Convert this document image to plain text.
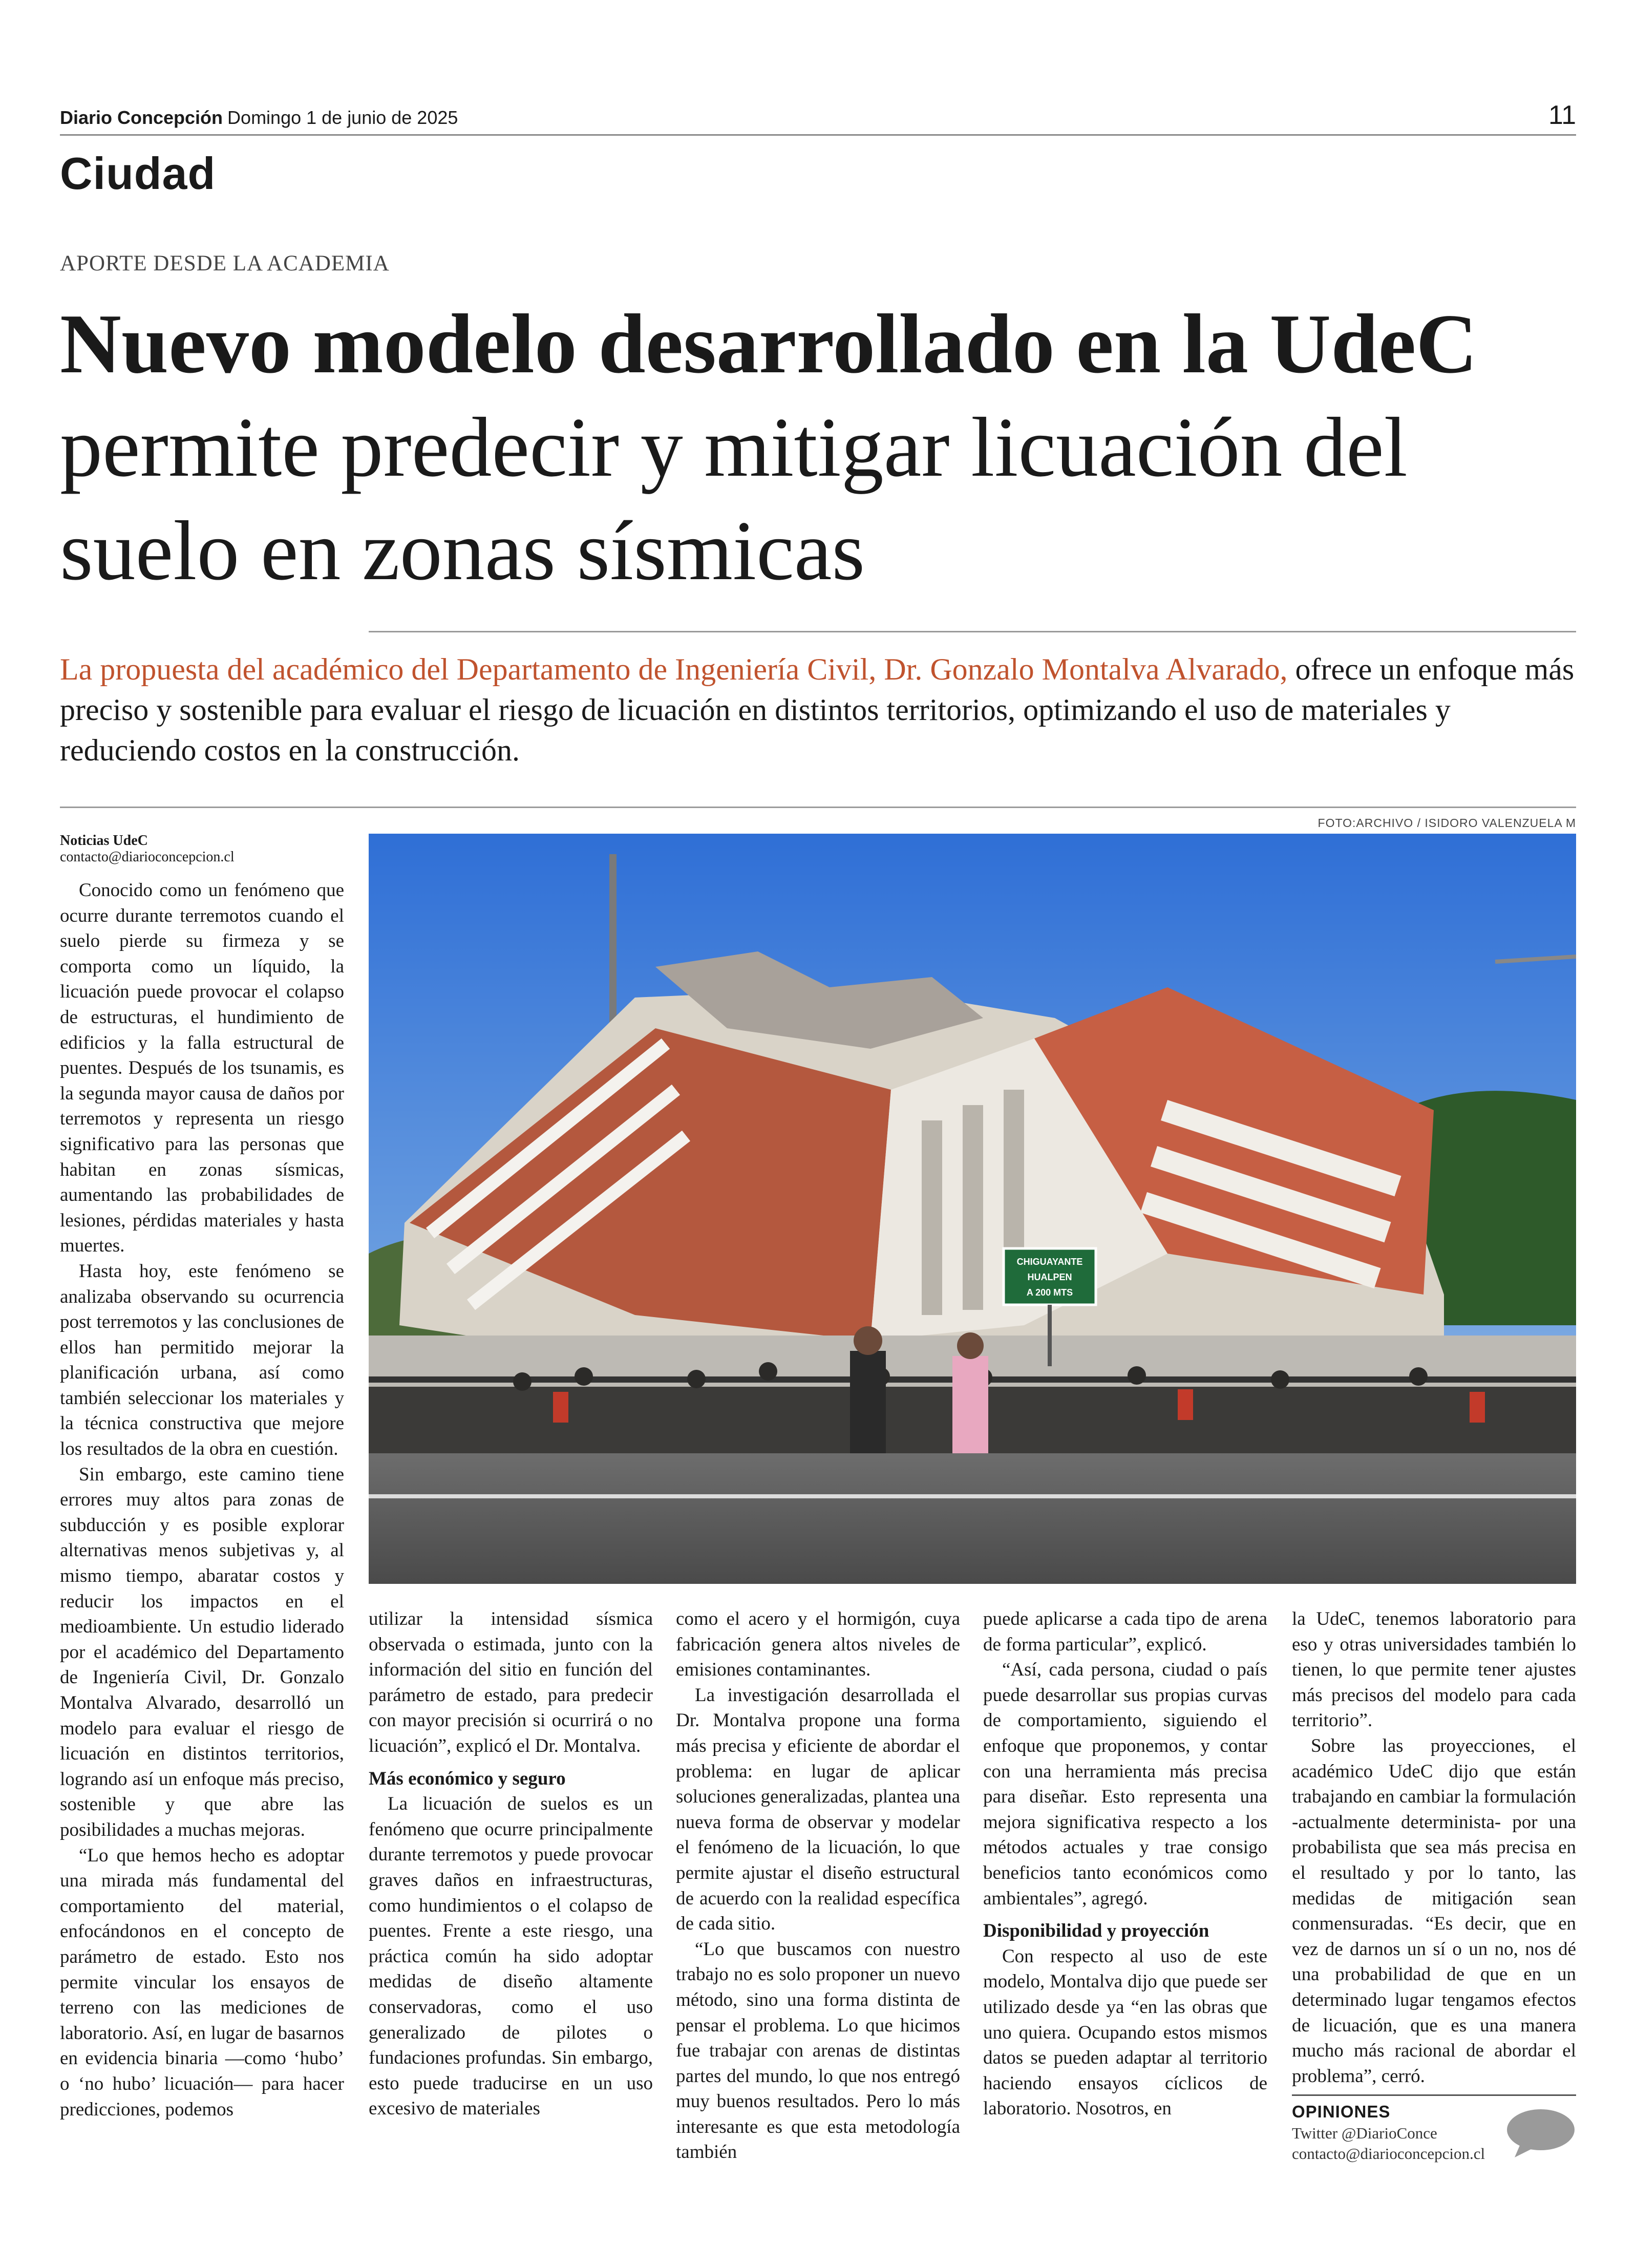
Diario Concepción Domingo 1 de junio de 2025	11
Ciudad
APORTE DESDE LA ACADEMIA
Nuevo modelo desarrollado en la UdeC permite predecir y mitigar licuación del suelo en zonas sísmicas
La propuesta del académico del Departamento de Ingeniería Civil, Dr. Gonzalo Montalva Alvarado, ofrece un enfoque más preciso y sostenible para evaluar el riesgo de licuación en distintos territorios, optimizando el uso de materiales y reduciendo costos en la construcción.
FOTO:ARCHIVO / ISIDORO VALENZUELA M
CHIGUAYANTE
HUALPEN
A 200 MTS
Noticias UdeC
contacto@diarioconcepcion.cl

Conocido como un fenómeno que ocurre durante terremotos cuando el suelo pierde su firmeza y se comporta como un líquido, la licuación puede provocar el colapso de estructuras, el hundimiento de edificios y la falla estructural de puentes. Después de los tsunamis, es la segunda mayor causa de daños por terremotos y representa un riesgo significativo para las personas que habitan en zonas sísmicas, aumentando las probabilidades de lesiones, pérdidas materiales y hasta muertes.

Hasta hoy, este fenómeno se analizaba observando su ocurrencia post terremotos y las conclusiones de ellos han permitido mejorar la planificación urbana, así como también seleccionar los materiales y la técnica constructiva que mejore los resultados de la obra en cuestión.

Sin embargo, este camino tiene errores muy altos para zonas de subducción y es posible explorar alternativas menos subjetivas y, al mismo tiempo, abaratar costos y reducir los impactos en el medioambiente. Un estudio liderado por el académico del Departamento de Ingeniería Civil, Dr. Gonzalo Montalva Alvarado, desarrolló un modelo para evaluar el riesgo de licuación en distintos territorios, logrando así un enfoque más preciso, sostenible y que abre las posibilidades a muchas mejoras.

“Lo que hemos hecho es adoptar una mirada más fundamental del comportamiento del material, enfocándonos en el concepto de parámetro de estado. Esto nos permite vincular los ensayos de terreno con las mediciones de laboratorio. Así, en lugar de basarnos en evidencia binaria —como ‘hubo’ o ‘no hubo’ licuación— para hacer predicciones, podemos

utilizar la intensidad sísmica observada o estimada, junto con la información del sitio en función del parámetro de estado, para predecir con mayor precisión si ocurrirá o no licuación”, explicó el Dr. Montalva.

Más económico y seguro

La licuación de suelos es un fenómeno que ocurre principalmente durante terremotos y puede provocar graves daños en infraestructuras, como hundimientos o el colapso de puentes. Frente a este riesgo, una práctica común ha sido adoptar medidas de diseño altamente conservadoras, como el uso generalizado de pilotes o fundaciones profundas. Sin embargo, esto puede traducirse en un uso excesivo de materiales

como el acero y el hormigón, cuya fabricación genera altos niveles de emisiones contaminantes.

La investigación desarrollada el Dr. Montalva propone una forma más precisa y eficiente de abordar el problema: en lugar de aplicar soluciones generalizadas, plantea una nueva forma de observar y modelar el fenómeno de la licuación, lo que permite ajustar el diseño estructural de acuerdo con la realidad específica de cada sitio.

“Lo que buscamos con nuestro trabajo no es solo proponer un nuevo método, sino una forma distinta de pensar el problema. Lo que hicimos fue trabajar con arenas de distintas partes del mundo, lo que nos entregó muy buenos resultados. Pero lo más interesante es que esta metodología también

puede aplicarse a cada tipo de arena de forma particular”, explicó.

“Así, cada persona, ciudad o país puede desarrollar sus propias curvas de comportamiento, siguiendo el enfoque que proponemos, y contar con una herramienta más precisa para diseñar. Esto representa una mejora significativa respecto a los métodos actuales y trae consigo beneficios tanto económicos como ambientales”, agregó.

Disponibilidad y proyección

Con respecto al uso de este modelo, Montalva dijo que puede ser utilizado desde ya “en las obras que uno quiera. Ocupando estos mismos datos se pueden adaptar al territorio haciendo ensayos cíclicos de laboratorio. Nosotros, en

la UdeC, tenemos laboratorio para eso y otras universidades también lo tienen, lo que permite tener ajustes más precisos del modelo para cada territorio”.

Sobre las proyecciones, el académico UdeC dijo que están trabajando en cambiar la formulación -actualmente determinista- por una probabilista que sea más precisa en el resultado y por lo tanto, las medidas de mitigación sean conmensuradas. “Es decir, que en vez de darnos un sí o un no, nos dé una probabilidad de que en un determinado lugar tengamos efectos de licuación, que es una manera mucho más racional de abordar el problema”, cerró.

OPINIONES
Twitter @DiarioConce
contacto@diarioconcepcion.cl
